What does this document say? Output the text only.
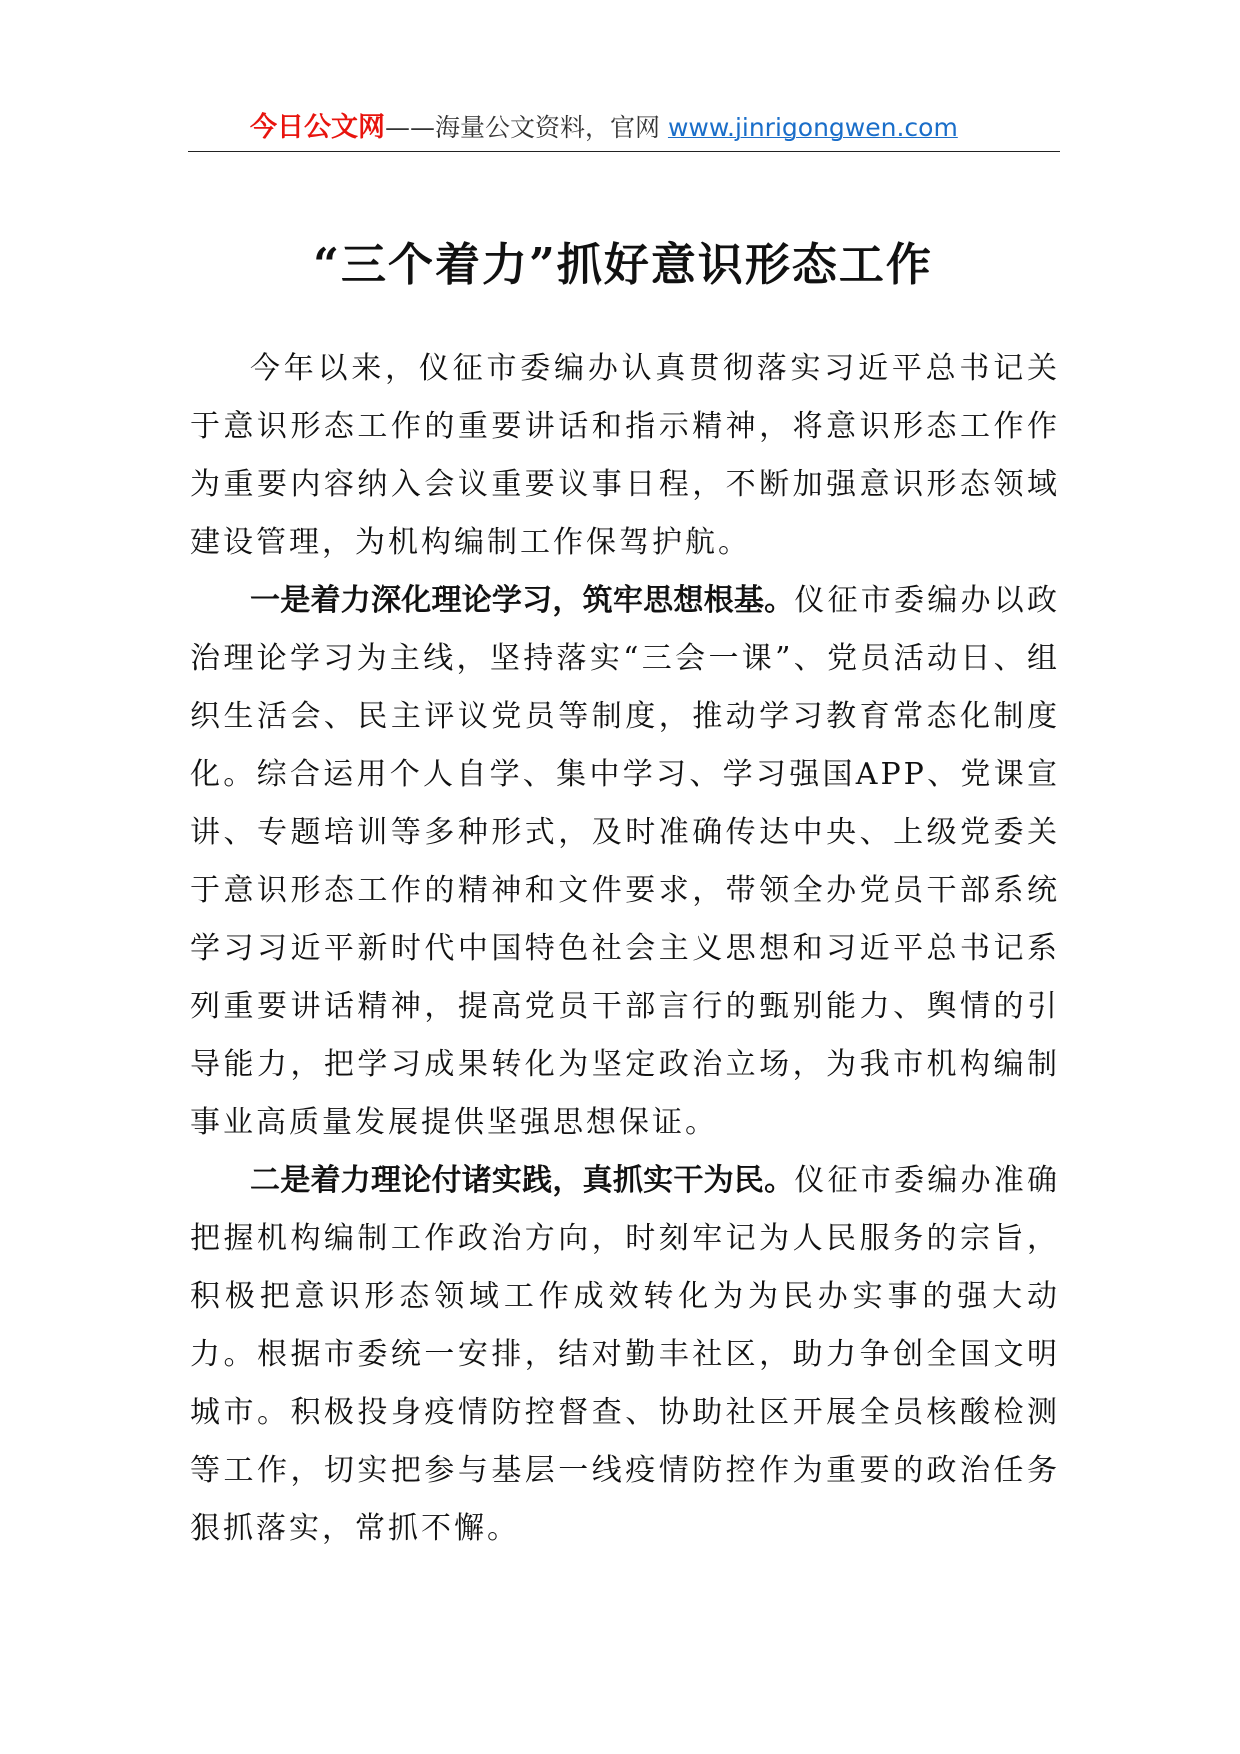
今日公文网——海量公文资料，官网 www.jinrigongwen.com
“三个着力”抓好意识形态工作

今年以来，仪征市委编办认真贯彻落实习近平总书记关于意识形态工作的重要讲话和指示精神，将意识形态工作作为重要内容纳入会议重要议事日程，不断加强意识形态领域建设管理，为机构编制工作保驾护航。

一是着力深化理论学习，筑牢思想根基。仪征市委编办以政治理论学习为主线，坚持落实“三会一课”、党员活动日、组织生活会、民主评议党员等制度，推动学习教育常态化制度化。综合运用个人自学、集中学习、学习强国APP、党课宣讲、专题培训等多种形式，及时准确传达中央、上级党委关于意识形态工作的精神和文件要求，带领全办党员干部系统学习习近平新时代中国特色社会主义思想和习近平总书记系列重要讲话精神，提高党员干部言行的甄别能力、舆情的引导能力，把学习成果转化为坚定政治立场，为我市机构编制事业高质量发展提供坚强思想保证。

二是着力理论付诸实践，真抓实干为民。仪征市委编办准确把握机构编制工作政治方向，时刻牢记为人民服务的宗旨，积极把意识形态领域工作成效转化为为民办实事的强大动力。根据市委统一安排，结对勤丰社区，助力争创全国文明城市。积极投身疫情防控督查、协助社区开展全员核酸检测等工作，切实把参与基层一线疫情防控作为重要的政治任务狠抓落实，常抓不懈。
